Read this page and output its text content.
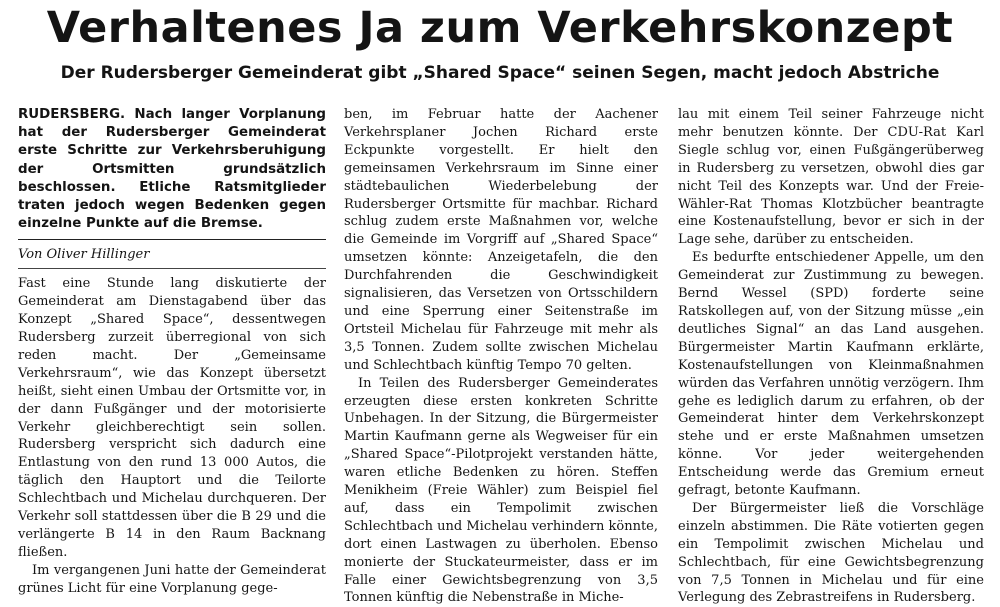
Verhaltenes Ja zum Verkehrskonzept
Der Rudersberger Gemeinderat gibt „Shared Space“ seinen Segen, macht jedoch Abstriche

RUDERSBERG. Nach langer Vorplanung hat der Rudersberger Gemeinderat erste Schritte zur Verkehrsberuhigung der Ortsmitten grundsätzlich beschlossen. Etliche Ratsmitglieder traten jedoch wegen Bedenken gegen einzelne Punkte auf die Bremse.

Von Oliver Hillinger

Fast eine Stunde lang diskutierte der Gemeinderat am Dienstagabend über das Konzept „Shared Space“, dessentwegen Rudersberg zurzeit überregional von sich reden macht. Der „Gemeinsame Verkehrsraum“, wie das Konzept übersetzt heißt, sieht einen Umbau der Ortsmitte vor, in der dann Fußgänger und der motorisierte Verkehr gleichberechtigt sein sollen. Rudersberg verspricht sich dadurch eine Entlastung von den rund 13 000 Autos, die täglich den Hauptort und die Teilorte Schlechtbach und Michelau durchqueren. Der Verkehr soll stattdessen über die B 29 und die verlängerte B 14 in den Raum Backnang fließen.

Im vergangenen Juni hatte der Gemeinderat grünes Licht für eine Vorplanung gege-

ben, im Februar hatte der Aachener Verkehrsplaner Jochen Richard erste Eckpunkte vorgestellt. Er hielt den gemeinsamen Verkehrsraum im Sinne einer städtebaulichen Wiederbelebung der Rudersberger Ortsmitte für machbar. Richard schlug zudem erste Maßnahmen vor, welche die Gemeinde im Vorgriff auf „Shared Space“ umsetzen könnte: Anzeigetafeln, die den Durchfahrenden die Geschwindigkeit signalisieren, das Versetzen von Ortsschildern und eine Sperrung einer Seitenstraße im Ortsteil Michelau für Fahrzeuge mit mehr als 3,5 Tonnen. Zudem sollte zwischen Michelau und Schlechtbach künftig Tempo 70 gelten.

In Teilen des Rudersberger Gemeinderates erzeugten diese ersten konkreten Schritte Unbehagen. In der Sitzung, die Bürgermeister Martin Kaufmann gerne als Wegweiser für ein „Shared Space“-Pilotprojekt verstanden hätte, waren etliche Bedenken zu hören. Steffen Menikheim (Freie Wähler) zum Beispiel fiel auf, dass ein Tempolimit zwischen Schlechtbach und Michelau verhindern könnte, dort einen Lastwagen zu überholen. Ebenso monierte der Stuckateurmeister, dass er im Falle einer Gewichtsbegrenzung von 3,5 Tonnen künftig die Nebenstraße in Miche-

lau mit einem Teil seiner Fahrzeuge nicht mehr benutzen könnte. Der CDU-Rat Karl Siegle schlug vor, einen Fußgängerüberweg in Rudersberg zu versetzen, obwohl dies gar nicht Teil des Konzepts war. Und der Freie-Wähler-Rat Thomas Klotzbücher beantragte eine Kostenaufstellung, bevor er sich in der Lage sehe, darüber zu entscheiden.

Es bedurfte entschiedener Appelle, um den Gemeinderat zur Zustimmung zu bewegen. Bernd Wessel (SPD) forderte seine Ratskollegen auf, von der Sitzung müsse „ein deutliches Signal“ an das Land ausgehen. Bürgermeister Martin Kaufmann erklärte, Kostenaufstellungen von Kleinmaßnahmen würden das Verfahren unnötig verzögern. Ihm gehe es lediglich darum zu erfahren, ob der Gemeinderat hinter dem Verkehrskonzept stehe und er erste Maßnahmen umsetzen könne. Vor jeder weitergehenden Entscheidung werde das Gremium erneut gefragt, betonte Kaufmann.

Der Bürgermeister ließ die Vorschläge einzeln abstimmen. Die Räte votierten gegen ein Tempolimit zwischen Michelau und Schlechtbach, für eine Gewichtsbegrenzung von 7,5 Tonnen in Michelau und für eine Verlegung des Zebrastreifens in Rudersberg.
